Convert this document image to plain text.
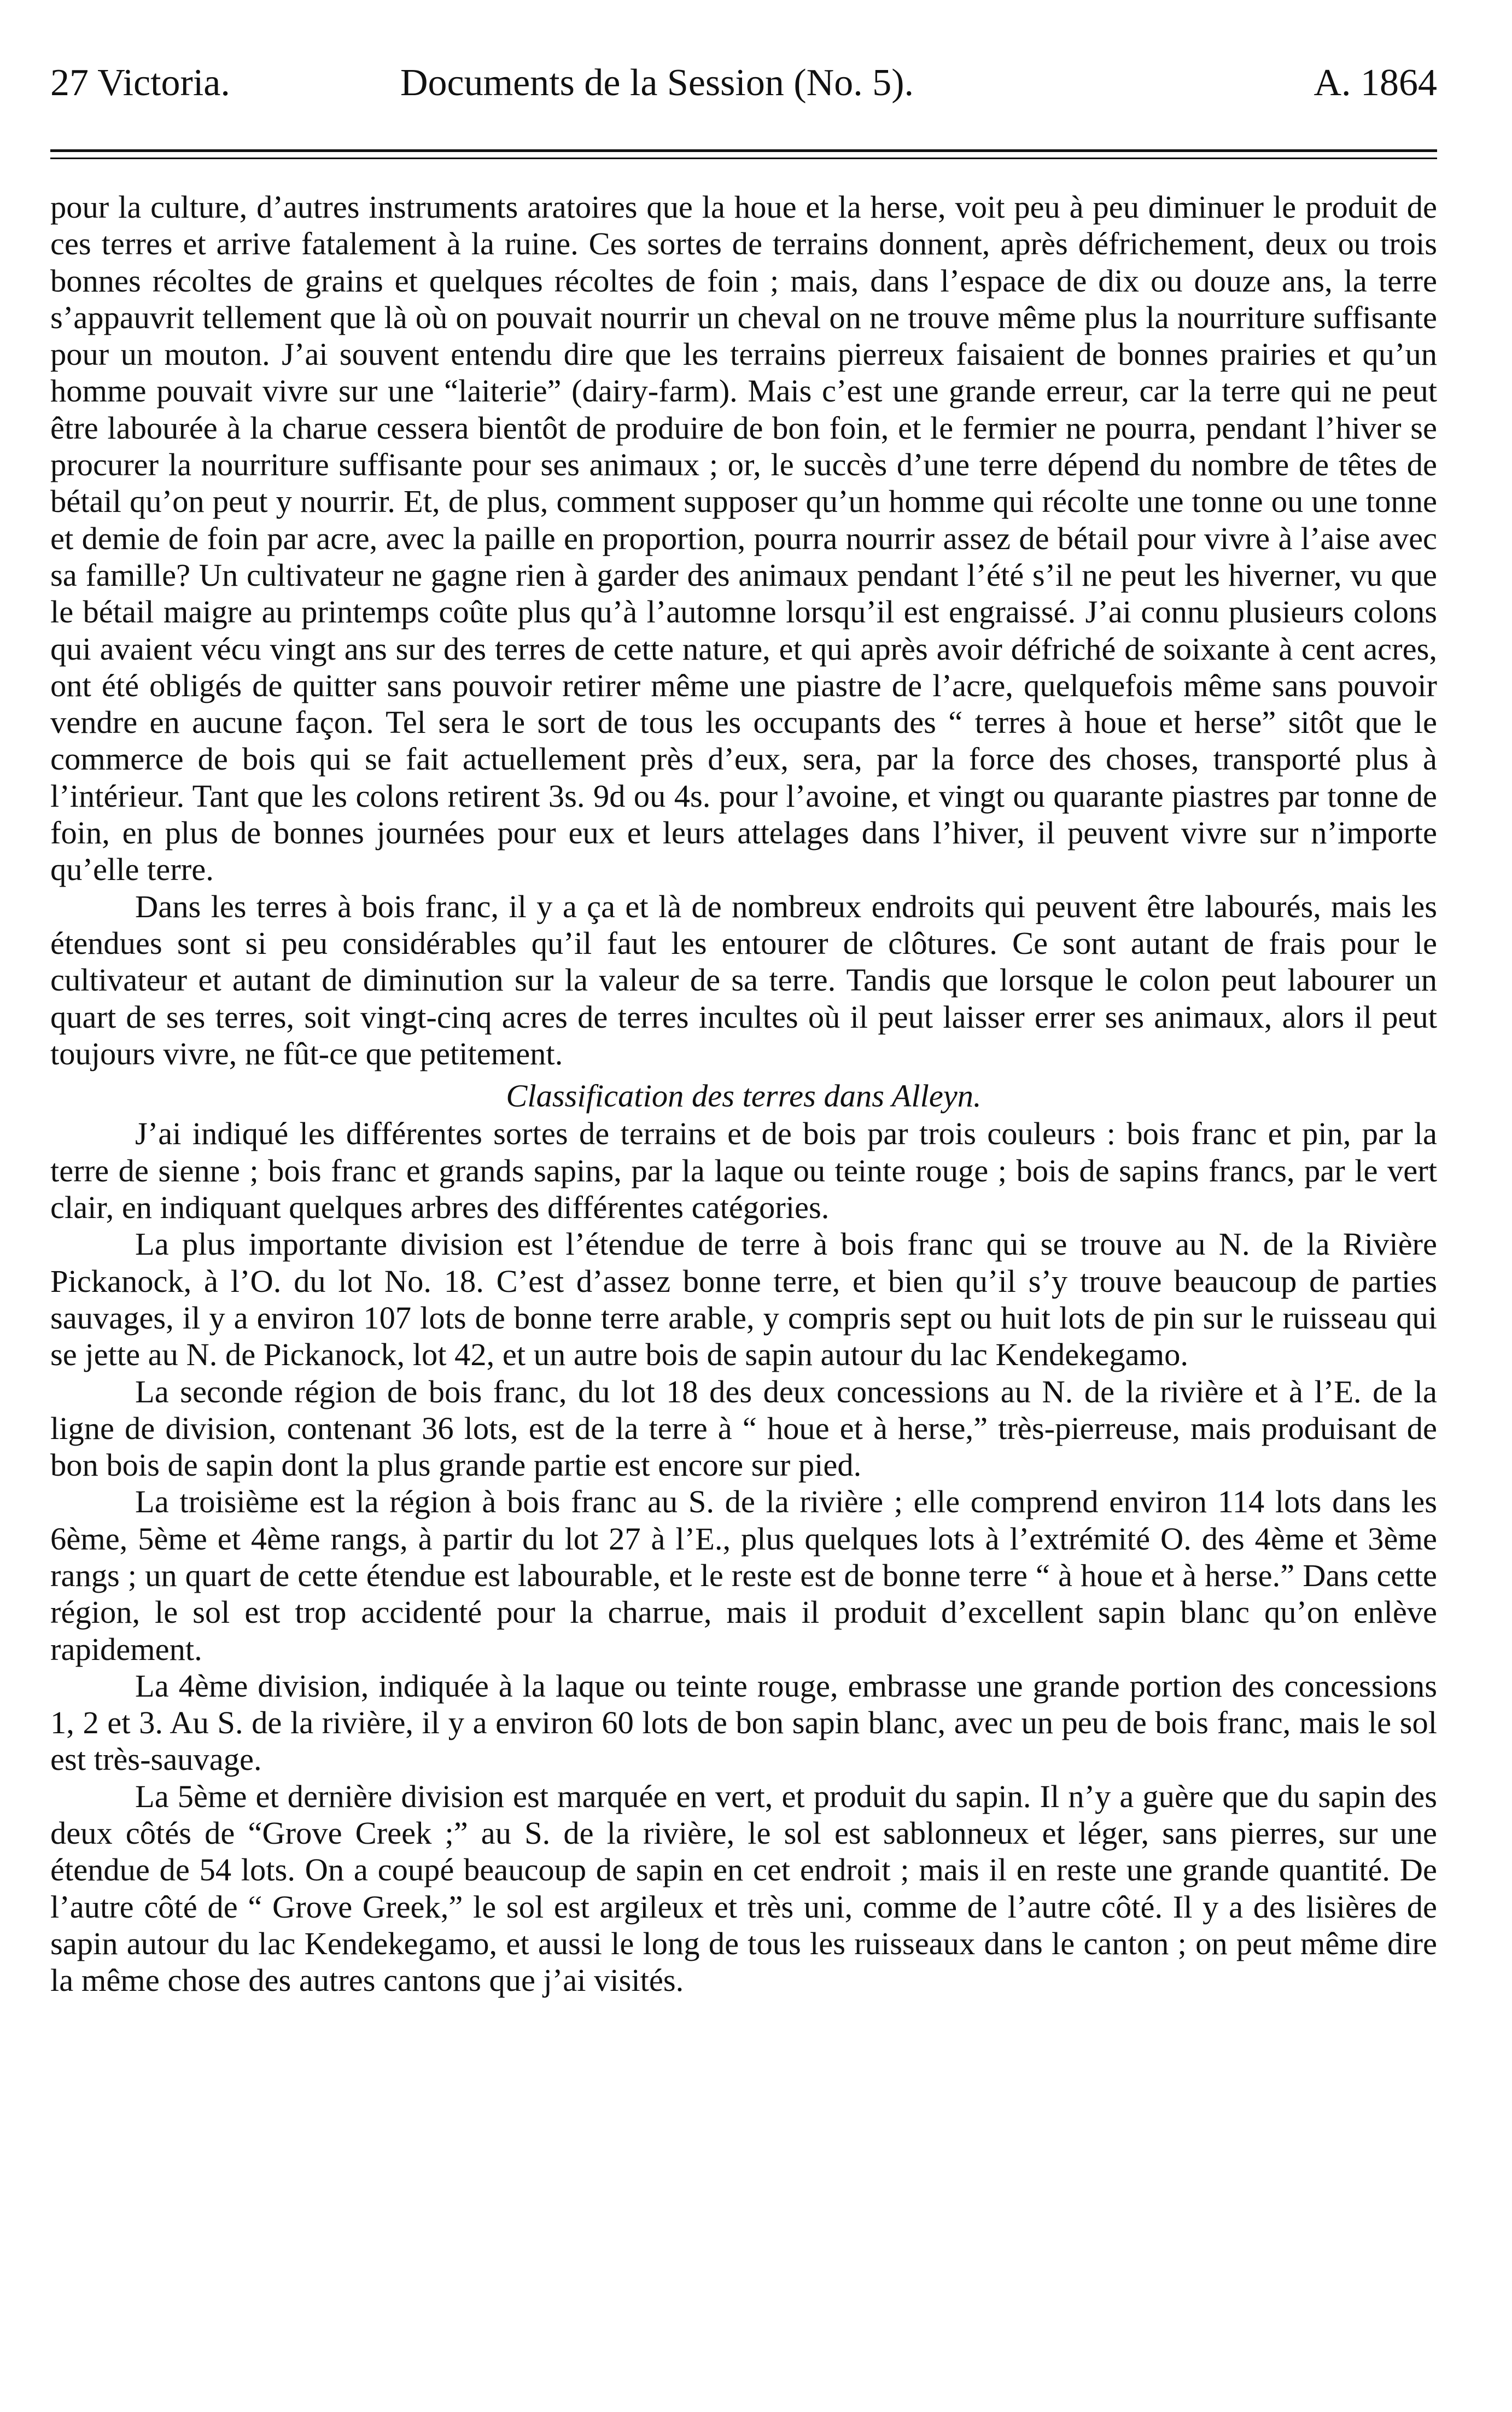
27 Victoria.	Documents de la Session (No. 5).	A. 1864

pour la culture, d’autres instruments aratoires que la houe et la herse, voit peu à peu diminuer le produit de ces terres et arrive fatalement à la ruine. Ces sortes de terrains donnent, après défrichement, deux ou trois bonnes récoltes de grains et quelques récoltes de foin ; mais, dans l’espace de dix ou douze ans, la terre s’appauvrit tellement que là où on pouvait nourrir un cheval on ne trouve même plus la nourriture suffisante pour un mouton. J’ai souvent entendu dire que les terrains pierreux faisaient de bonnes prairies et qu’un homme pouvait vivre sur une “laiterie” (dairy-farm). Mais c’est une grande erreur, car la terre qui ne peut être labourée à la charue cessera bientôt de produire de bon foin, et le fermier ne pourra, pendant l’hiver se procurer la nourriture suffisante pour ses animaux ; or, le succès d’une terre dépend du nombre de têtes de bétail qu’on peut y nourrir. Et, de plus, comment supposer qu’un homme qui récolte une tonne ou une tonne et demie de foin par acre, avec la paille en proportion, pourra nourrir assez de bétail pour vivre à l’aise avec sa famille? Un cultivateur ne gagne rien à garder des animaux pendant l’été s’il ne peut les hiverner, vu que le bétail maigre au printemps coûte plus qu’à l’automne lorsqu’il est engraissé. J’ai connu plusieurs colons qui avaient vécu vingt ans sur des terres de cette nature, et qui après avoir défriché de soixante à cent acres, ont été obligés de quitter sans pouvoir retirer même une piastre de l’acre, quelquefois même sans pouvoir vendre en aucune façon. Tel sera le sort de tous les occupants des “ terres à houe et herse” sitôt que le commerce de bois qui se fait actuellement près d’eux, sera, par la force des choses, transporté plus à l’intérieur. Tant que les colons retirent 3s. 9d ou 4s. pour l’avoine, et vingt ou quarante piastres par tonne de foin, en plus de bonnes journées pour eux et leurs attelages dans l’hiver, il peuvent vivre sur n’importe qu’elle terre.

Dans les terres à bois franc, il y a ça et là de nombreux endroits qui peuvent être labourés, mais les étendues sont si peu considérables qu’il faut les entourer de clôtures. Ce sont autant de frais pour le cultivateur et autant de diminution sur la valeur de sa terre. Tandis que lorsque le colon peut labourer un quart de ses terres, soit vingt-cinq acres de terres incultes où il peut laisser errer ses animaux, alors il peut toujours vivre, ne fût-ce que petitement.

Classification des terres dans Alleyn.

J’ai indiqué les différentes sortes de terrains et de bois par trois couleurs : bois franc et pin, par la terre de sienne ; bois franc et grands sapins, par la laque ou teinte rouge ; bois de sapins francs, par le vert clair, en indiquant quelques arbres des différentes catégories.

La plus importante division est l’étendue de terre à bois franc qui se trouve au N. de la Rivière Pickanock, à l’O. du lot No. 18. C’est d’assez bonne terre, et bien qu’il s’y trouve beaucoup de parties sauvages, il y a environ 107 lots de bonne terre arable, y compris sept ou huit lots de pin sur le ruisseau qui se jette au N. de Pickanock, lot 42, et un autre bois de sapin autour du lac Kendekegamo.

La seconde région de bois franc, du lot 18 des deux concessions au N. de la rivière et à l’E. de la ligne de division, contenant 36 lots, est de la terre à “ houe et à herse,” très-pierreuse, mais produisant de bon bois de sapin dont la plus grande partie est encore sur pied.

La troisième est la région à bois franc au S. de la rivière ; elle comprend environ 114 lots dans les 6ème, 5ème et 4ème rangs, à partir du lot 27 à l’E., plus quelques lots à l’extrémité O. des 4ème et 3ème rangs ; un quart de cette étendue est labourable, et le reste est de bonne terre “ à houe et à herse.” Dans cette région, le sol est trop accidenté pour la charrue, mais il produit d’excellent sapin blanc qu’on enlève rapidement.

La 4ème division, indiquée à la laque ou teinte rouge, embrasse une grande portion des concessions 1, 2 et 3. Au S. de la rivière, il y a environ 60 lots de bon sapin blanc, avec un peu de bois franc, mais le sol est très-sauvage.

La 5ème et dernière division est marquée en vert, et produit du sapin. Il n’y a guère que du sapin des deux côtés de “Grove Creek ;” au S. de la rivière, le sol est sablonneux et léger, sans pierres, sur une étendue de 54 lots. On a coupé beaucoup de sapin en cet endroit ; mais il en reste une grande quantité. De l’autre côté de “ Grove Greek,” le sol est argileux et très uni, comme de l’autre côté. Il y a des lisières de sapin autour du lac Kendekegamo, et aussi le long de tous les ruisseaux dans le canton ; on peut même dire la même chose des autres cantons que j’ai visités.
